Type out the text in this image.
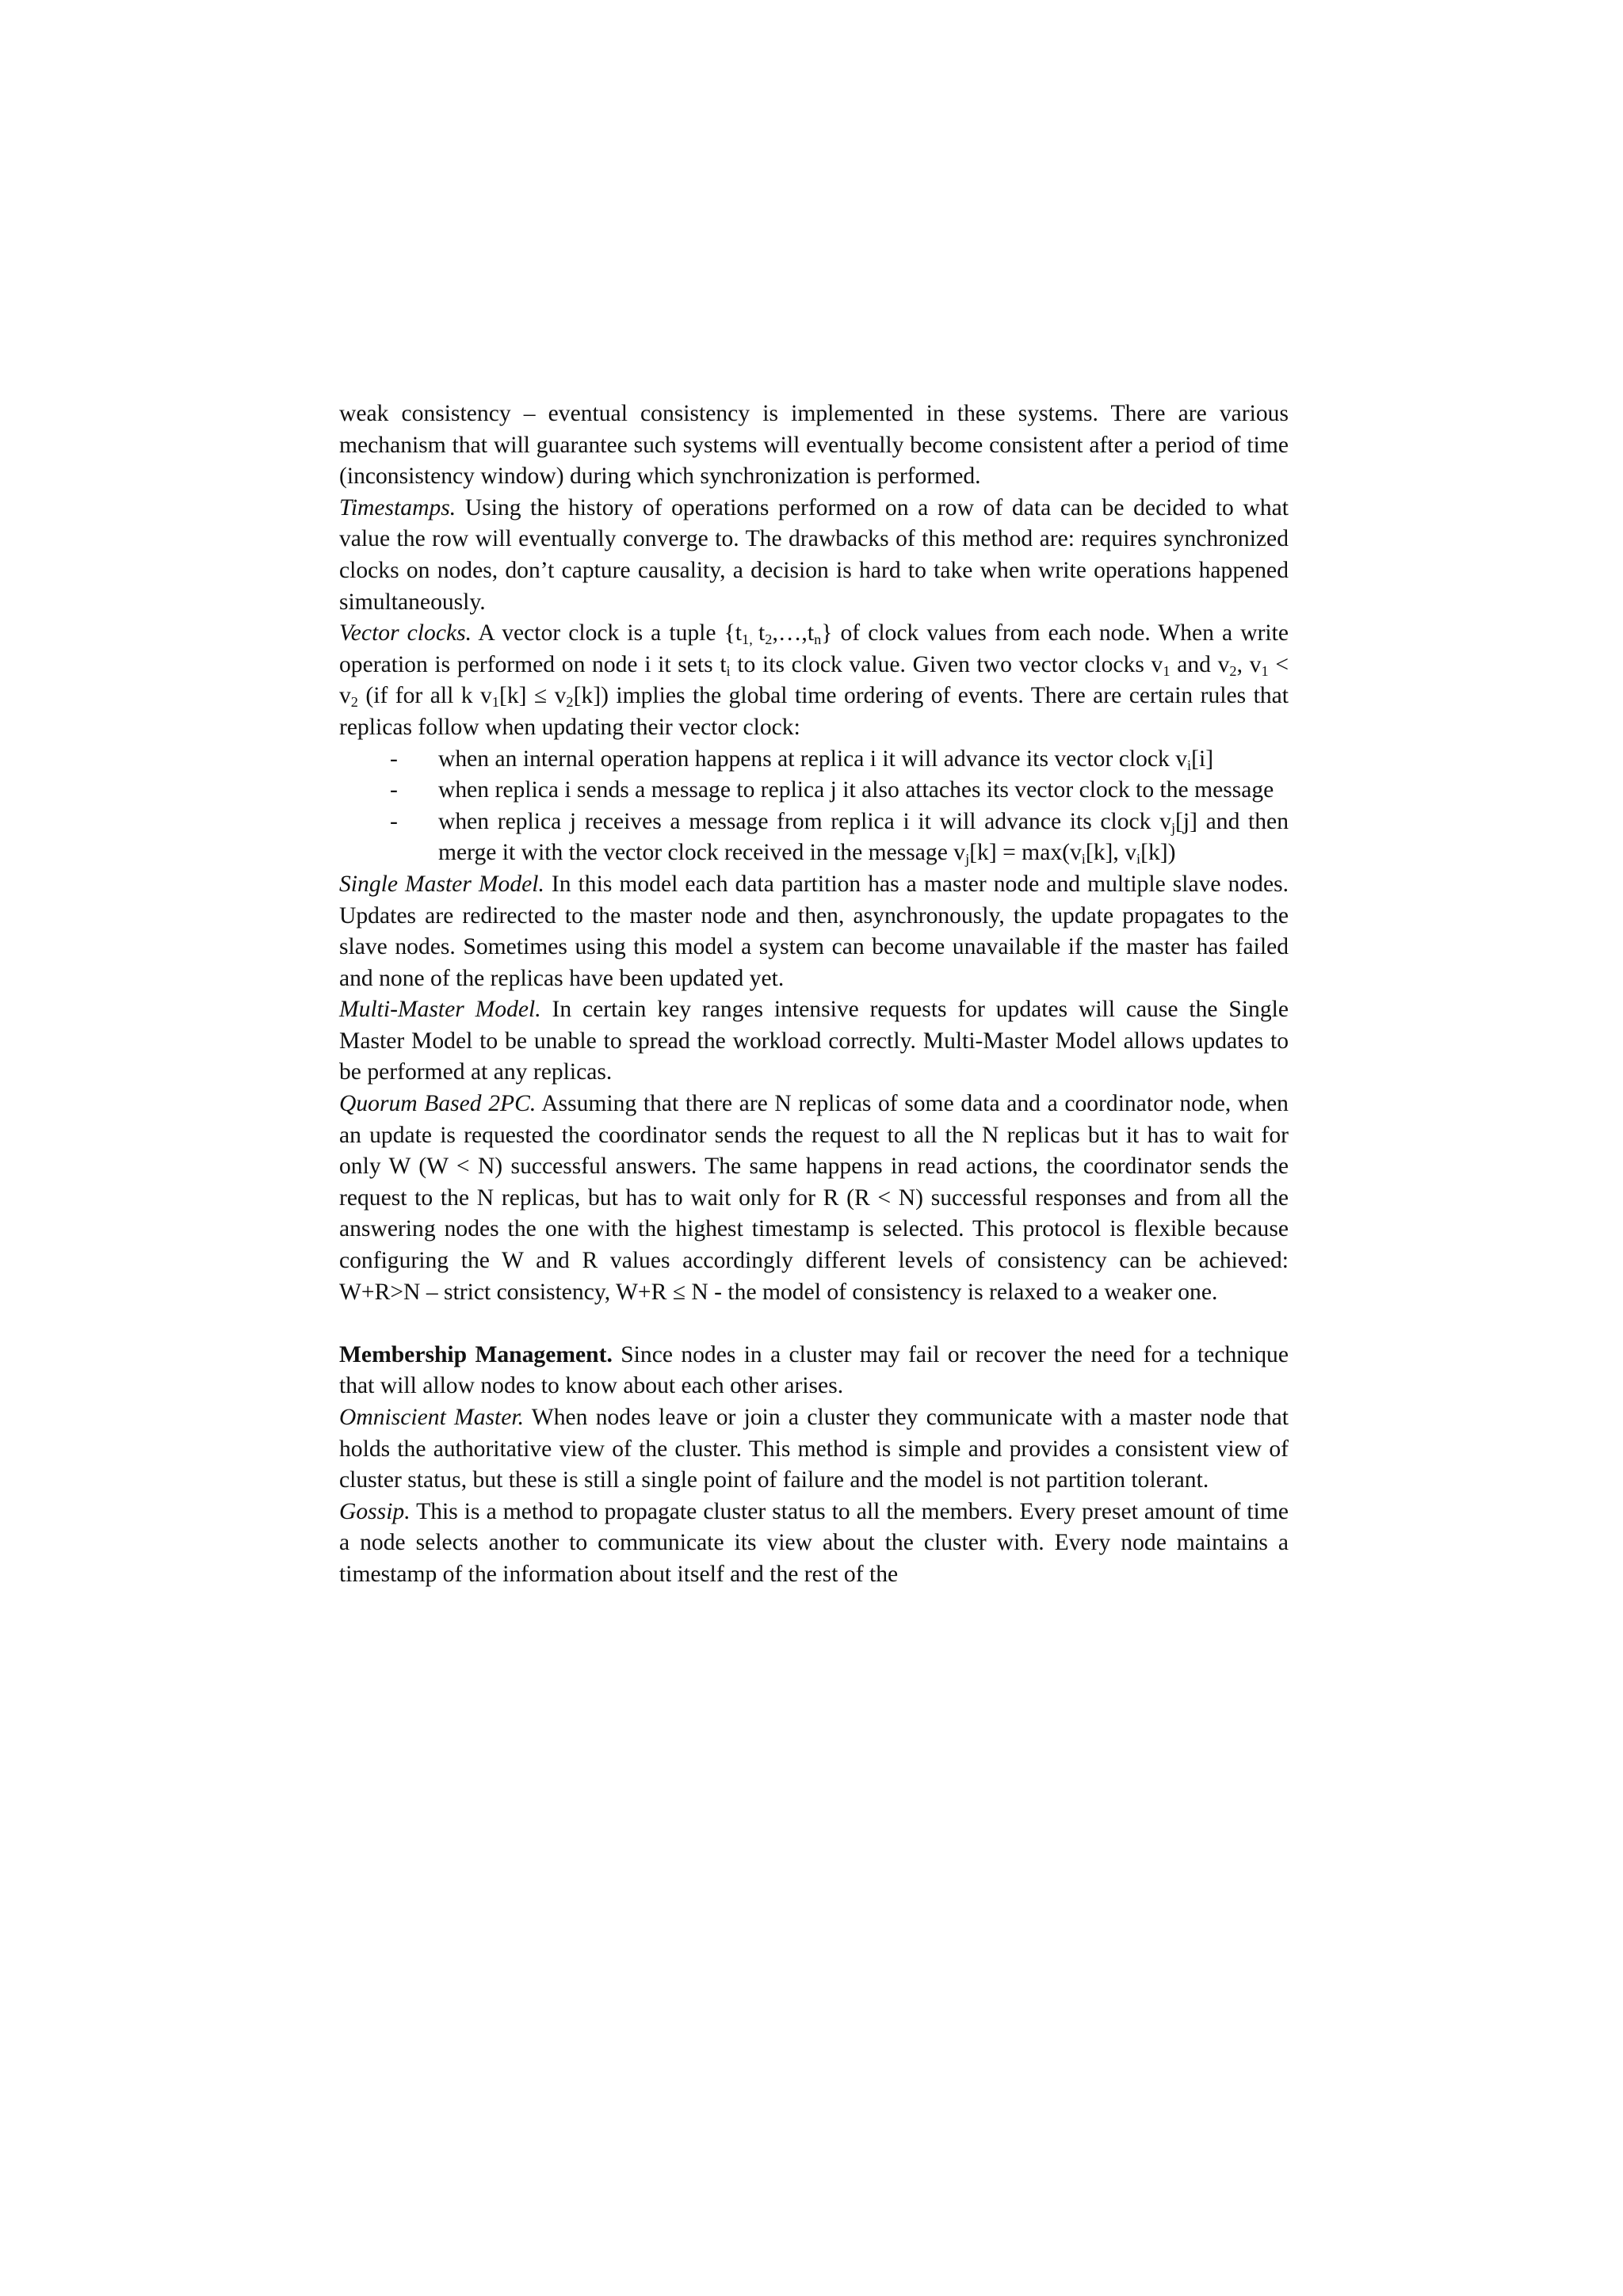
weak consistency – eventual consistency is implemented in these systems. There are various mechanism that will guarantee such systems will eventually become consistent after a period of time (inconsistency window) during which synchronization is performed.

Timestamps. Using the history of operations performed on a row of data can be decided to what value the row will eventually converge to. The drawbacks of this method are: requires synchronized clocks on nodes, don’t capture causality, a decision is hard to take when write operations happened simultaneously.

Vector clocks. A vector clock is a tuple {$t_{1,}$ $t_2,\dots,t_n$} of clock values from each node. When a write operation is performed on node i it sets $t_i$ to its clock value. Given two vector clocks $v_1$ and $v_2$, $v_1 < v_2$ (if for all k $v_1[k] \le v_2[k]$) implies the global time ordering of events. There are certain rules that replicas follow when updating their vector clock:

- when an internal operation happens at replica i it will advance its vector clock $v_i[i]$
- when replica i sends a message to replica j it also attaches its vector clock to the message
- when replica j receives a message from replica i it will advance its clock $v_j[j]$ and then merge it with the vector clock received in the message $v_j[k] = \max(v_i[k]$, $v_i[k]$)

Single Master Model. In this model each data partition has a master node and multiple slave nodes. Updates are redirected to the master node and then, asynchronously, the update propagates to the slave nodes. Sometimes using this model a system can become unavailable if the master has failed and none of the replicas have been updated yet.

Multi-Master Model. In certain key ranges intensive requests for updates will cause the Single Master Model to be unable to spread the workload correctly. Multi-Master Model allows updates to be performed at any replicas.

Quorum Based 2PC. Assuming that there are N replicas of some data and a coordinator node, when an update is requested the coordinator sends the request to all the N replicas but it has to wait for only W (W < N) successful answers. The same happens in read actions, the coordinator sends the request to the N replicas, but has to wait only for R (R < N) successful responses and from all the answering nodes the one with the highest timestamp is selected. This protocol is flexible because configuring the W and R values accordingly different levels of consistency can be achieved: W+R>N – strict consistency, W+R ≤ N - the model of consistency is relaxed to a weaker one.

Membership Management. Since nodes in a cluster may fail or recover the need for a technique that will allow nodes to know about each other arises.

Omniscient Master. When nodes leave or join a cluster they communicate with a master node that holds the authoritative view of the cluster. This method is simple and provides a consistent view of cluster status, but these is still a single point of failure and the model is not partition tolerant.

Gossip. This is a method to propagate cluster status to all the members. Every preset amount of time a node selects another to communicate its view about the cluster with. Every node maintains a timestamp of the information about itself and the rest of the
